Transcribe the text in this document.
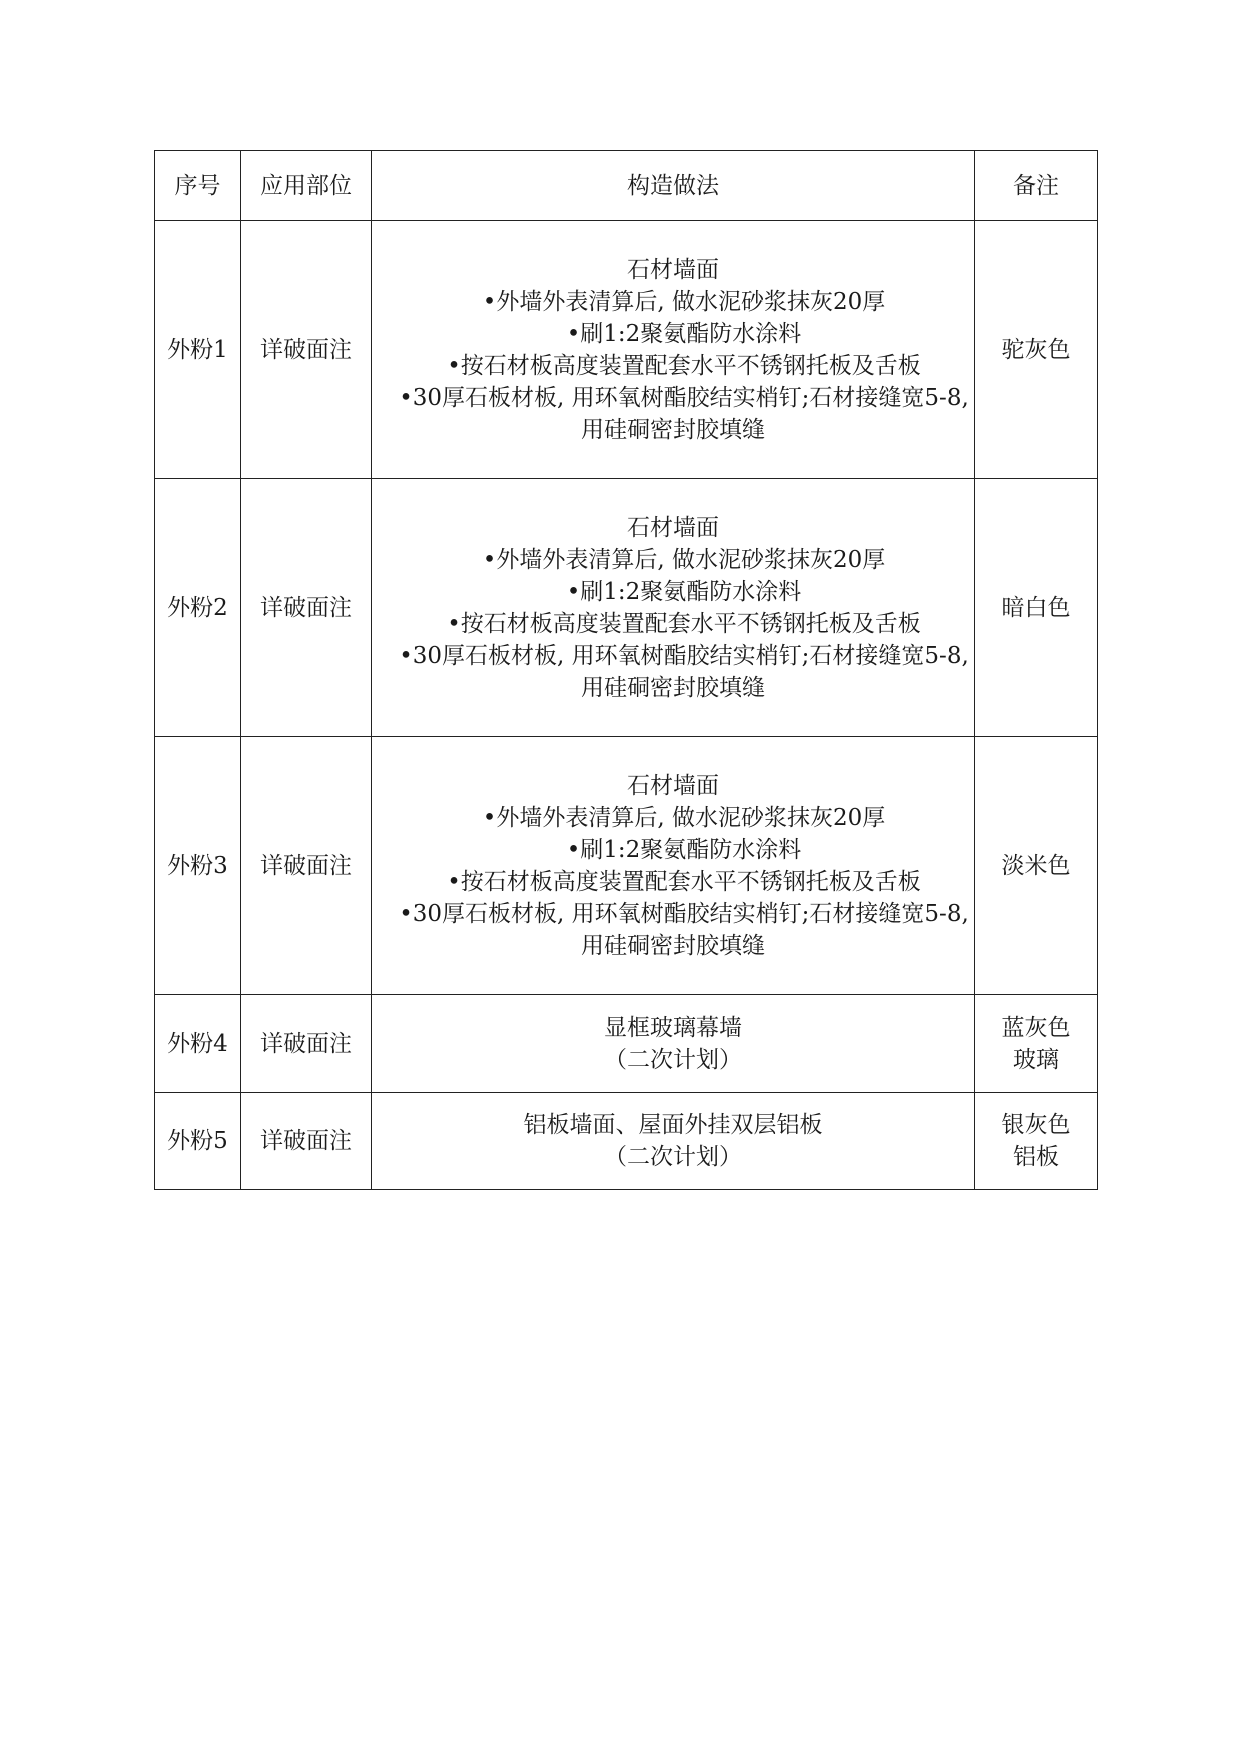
序号	应用部位	构造做法	备注
外粉1	详破面注	石材墙面
•外墙外表清算后, 做水泥砂浆抹灰20厚
•刷1:2聚氨酯防水涂料
•按石材板高度装置配套水平不锈钢托板及舌板
•30厚石板材板, 用环氧树酯胶结实梢钉;石材接缝宽5-8, 用硅硐密封胶填缝	驼灰色
外粉2	详破面注	石材墙面
•外墙外表清算后, 做水泥砂浆抹灰20厚
•刷1:2聚氨酯防水涂料
•按石材板高度装置配套水平不锈钢托板及舌板
•30厚石板材板, 用环氧树酯胶结实梢钉;石材接缝宽5-8, 用硅硐密封胶填缝	暗白色
外粉3	详破面注	石材墙面
•外墙外表清算后, 做水泥砂浆抹灰20厚
•刷1:2聚氨酯防水涂料
•按石材板高度装置配套水平不锈钢托板及舌板
•30厚石板材板, 用环氧树酯胶结实梢钉;石材接缝宽5-8, 用硅硐密封胶填缝	淡米色
外粉4	详破面注	显框玻璃幕墙
（二次计划）	蓝灰色
玻璃

外粉5	详破面注	铝板墙面、屋面外挂双层铝板
（二次计划）	银灰色
铝板
